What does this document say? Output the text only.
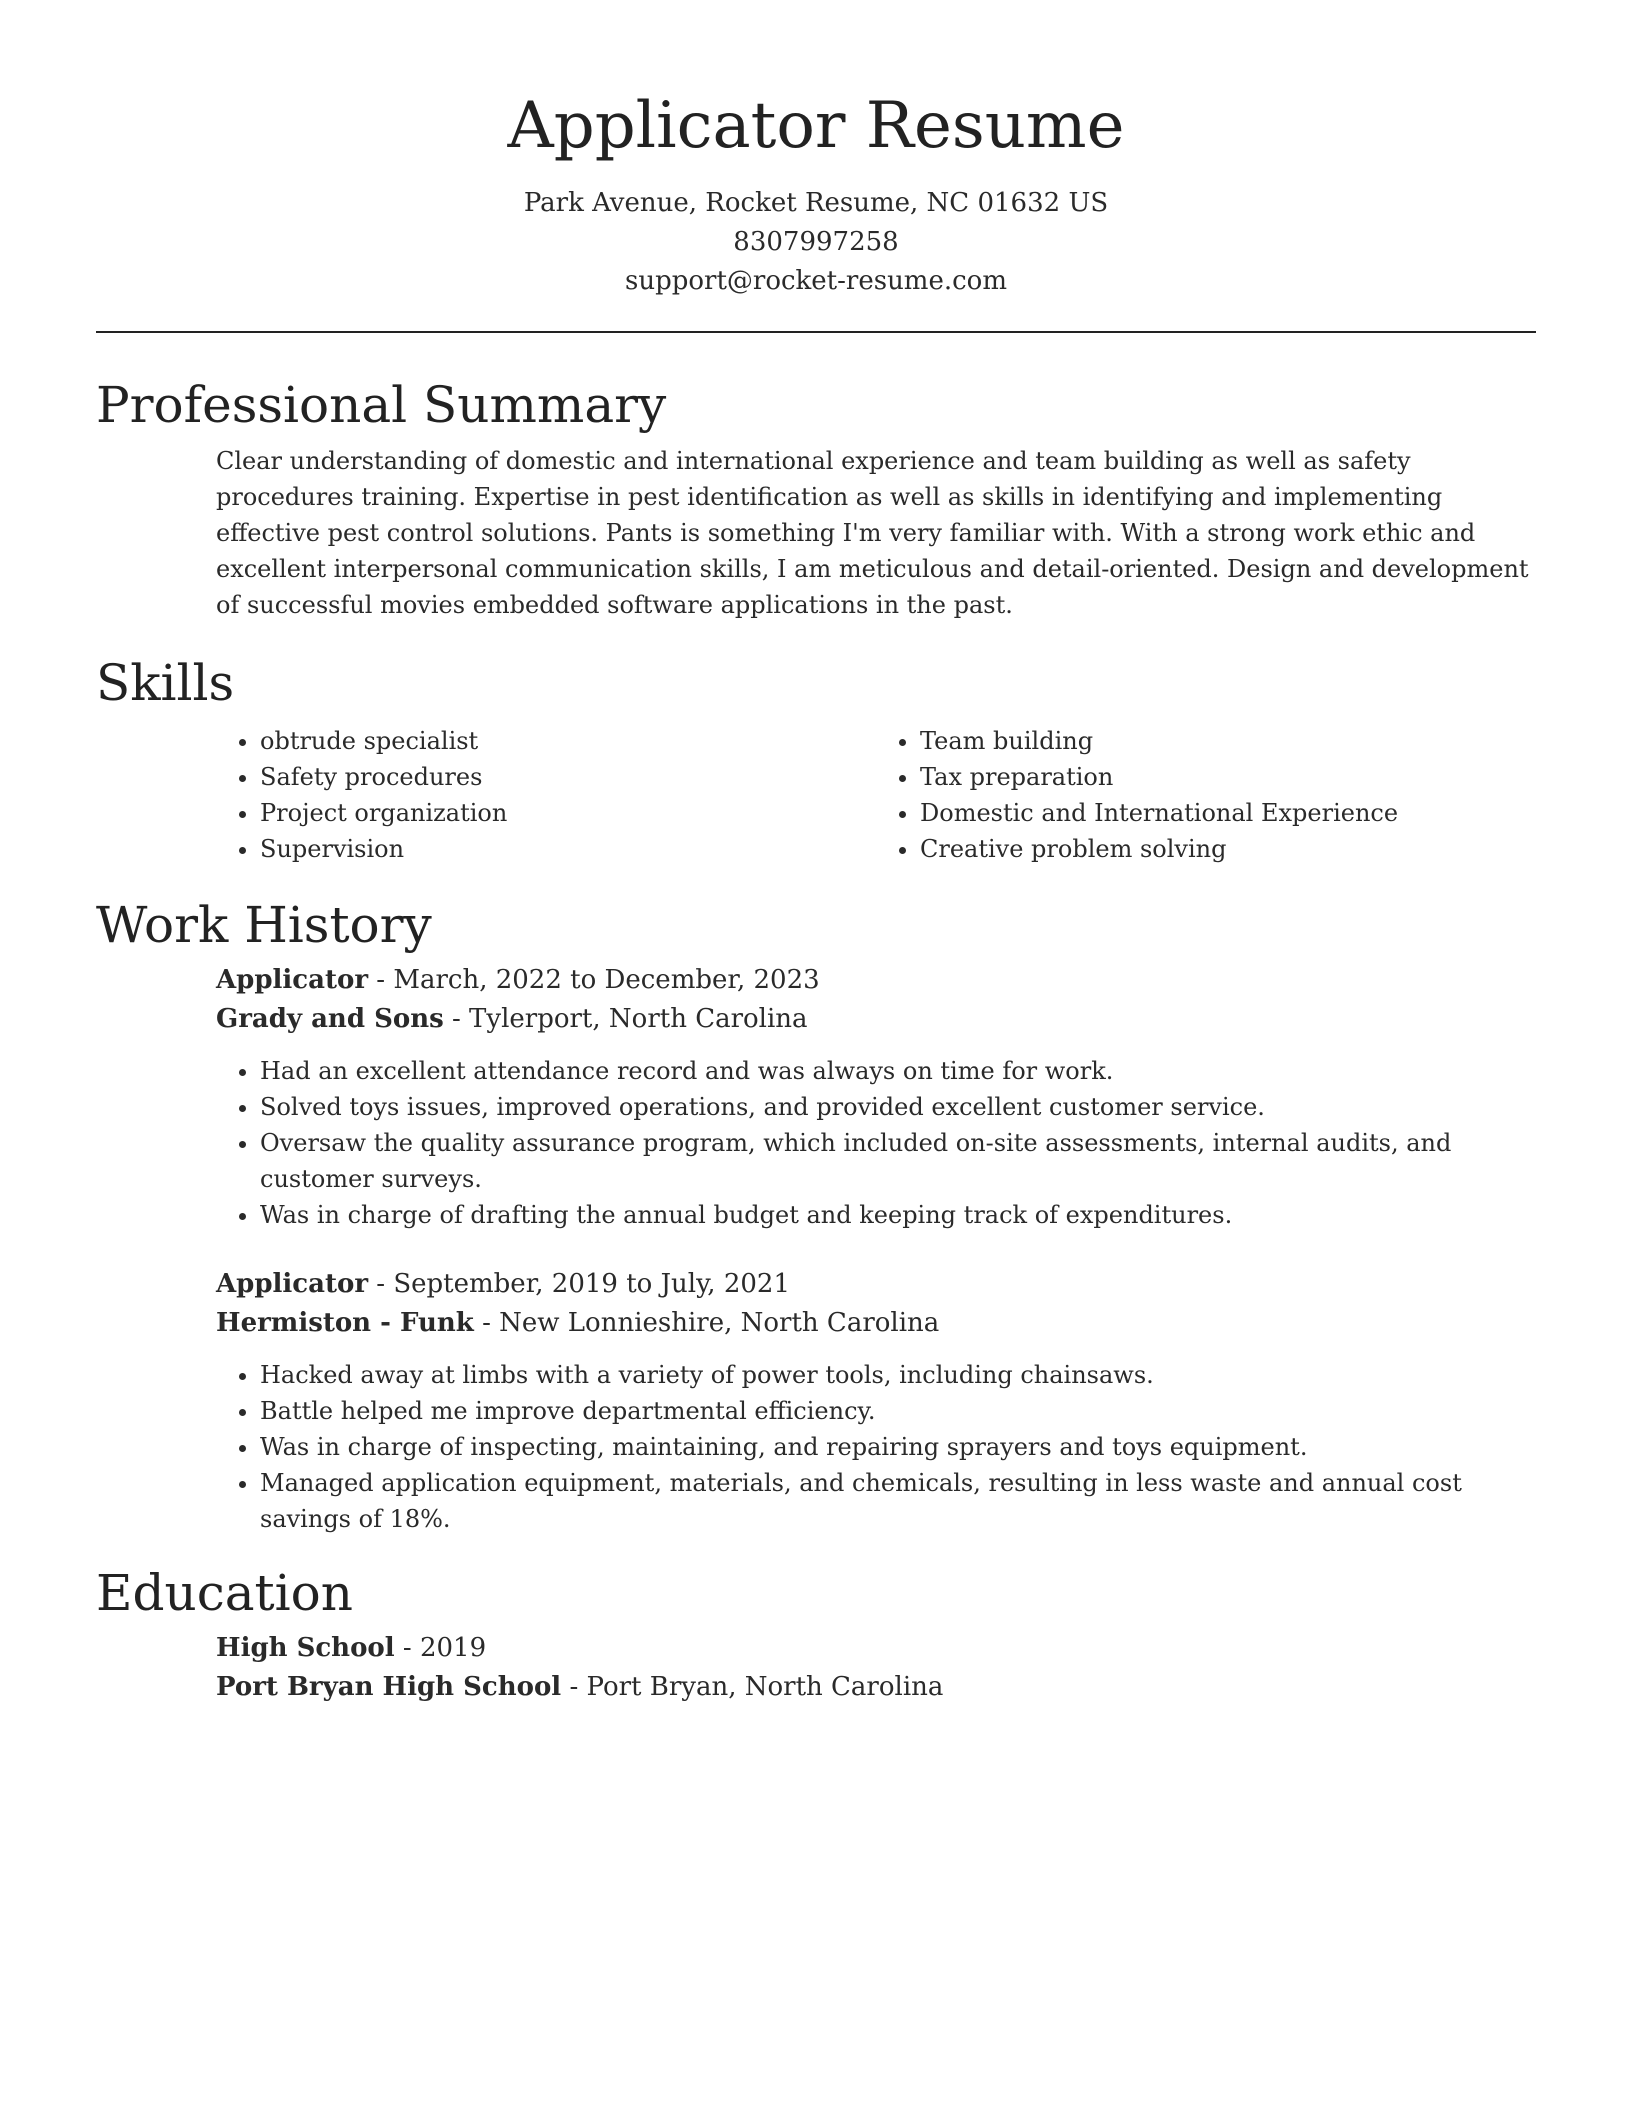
Applicator Resume
Park Avenue, Rocket Resume, NC 01632 US
8307997258
support@rocket-resume.com
Professional Summary

Clear understanding of domestic and international experience and team building as well as safety procedures training. Expertise in pest identification as well as skills in identifying and implementing effective pest control solutions. Pants is something I'm very familiar with. With a strong work ethic and excellent interpersonal communication skills, I am meticulous and detail-oriented. Design and development of successful movies embedded software applications in the past.

Skills
• obtrude specialist
• Safety procedures
• Project organization
• Supervision
• Team building
• Tax preparation
• Domestic and International Experience
• Creative problem solving
Work History
Applicator - March, 2022 to December, 2023
Grady and Sons - Tylerport, North Carolina
• Had an excellent attendance record and was always on time for work.
• Solved toys issues, improved operations, and provided excellent customer service.
• Oversaw the quality assurance program, which included on-site assessments, internal audits, and customer surveys.
• Was in charge of drafting the annual budget and keeping track of expenditures.
Applicator - September, 2019 to July, 2021
Hermiston - Funk - New Lonnieshire, North Carolina
• Hacked away at limbs with a variety of power tools, including chainsaws.
• Battle helped me improve departmental efficiency.
• Was in charge of inspecting, maintaining, and repairing sprayers and toys equipment.
• Managed application equipment, materials, and chemicals, resulting in less waste and annual cost savings of 18%.
Education
High School - 2019
Port Bryan High School - Port Bryan, North Carolina
